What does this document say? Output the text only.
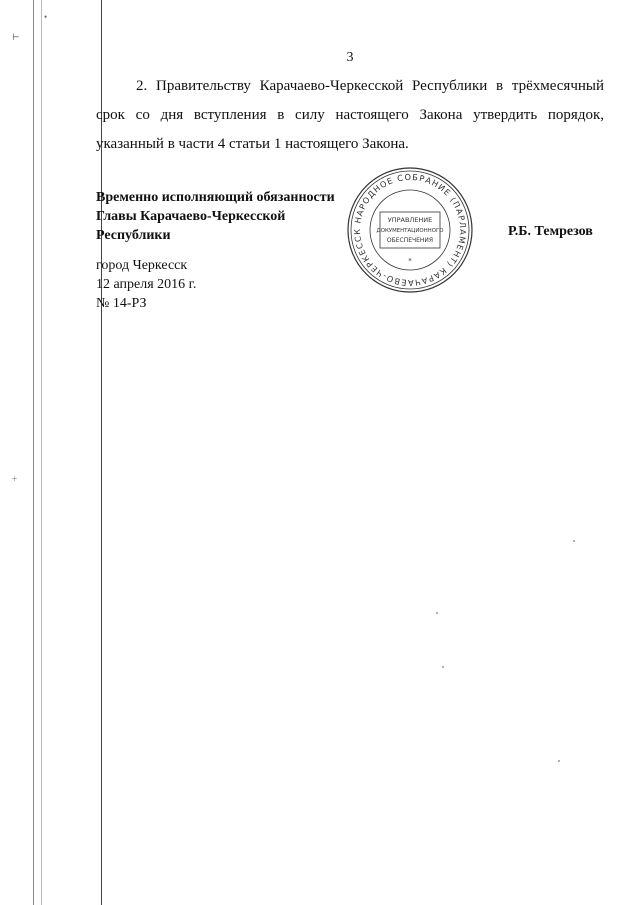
•
⊢
+
3
2. Правительству Карачаево-Черкесской Республики в трёхмесячный срок со дня вступления в силу настоящего Закона утвердить порядок, указанный в части 4 статьи 1 настоящего Закона.
Временно исполняющий обязанности
Главы Карачаево-Черкесской
Республики
НАРОДНОЕ СОБРАНИЕ (ПАРЛАМЕНТ) КАРАЧАЕВО-ЧЕРКЕССК
УПРАВЛЕНИЕ
ДОКУМЕНТАЦИОННОГО
ОБЕСПЕЧЕНИЯ
*
Р.Б. Темрезов
город Черкесск
12 апреля 2016 г.
№ 14-РЗ
